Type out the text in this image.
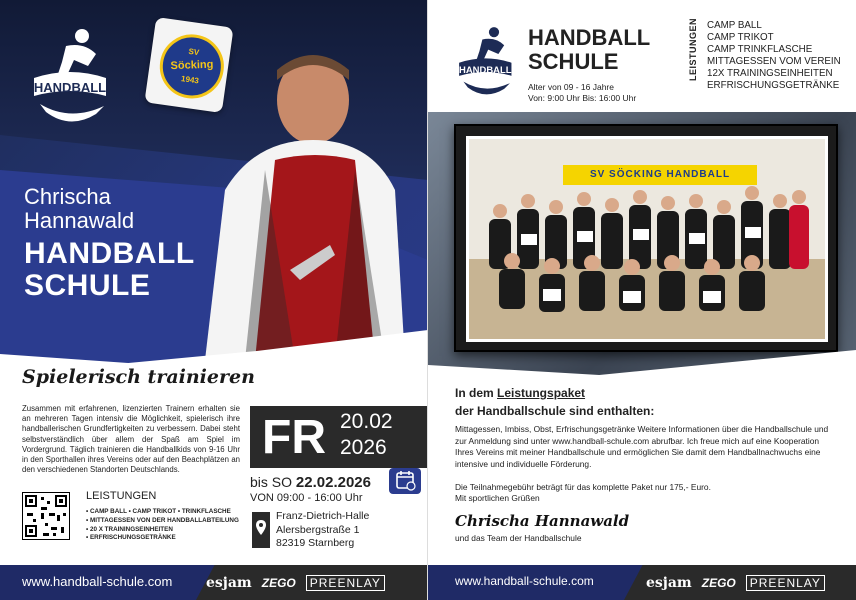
HANDBALL
SV
Söcking
1943
Chrischa
Hannawald
HANDBALL
SCHULE
Spielerisch trainieren
Zusammen mit erfahrenen, lizenzierten Trainern erhalten sie an mehreren Tagen intensiv die Möglichkeit, spielerisch ihre handballerischen Grundfertigkeiten zu verbessern. Dabei steht selbstverständlich über allem der Spaß am Spiel im Vordergrund. Täglich trainieren die Handballkids von 9-16 Uhr in den Sporthallen ihres Vereins oder auf den Beachplätzen an den verschiedenen Standorten Deutschlands.
LEISTUNGEN
• CAMP BALL • CAMP TRIKOT • TRINKFLASCHE
• MITTAGESSEN VON DER HANDBALLABTEILUNG
• 20 X TRAININGSEINHEITEN
• ERFRISCHUNGSGETRÄNKE
FR 20.02
2026
bis SO 22.02.2026
VON 09:00 - 16:00 Uhr
Franz-Dietrich-Halle
Alersbergstraße 1
82319 Starnberg
www.handball-schule.com esjam ZEGO	PREENLAY
HANDBALL
HANDBALL
SCHULE
Alter von 09 - 16 Jahre
Von: 9:00 Uhr Bis: 16:00 Uhr
LEISTUNGEN CAMP BALL
CAMP TRIKOT
CAMP TRINKFLASCHE
MITTAGESSEN VOM VEREIN
12X TRAININGSEINHEITEN
ERFRISCHUNGSGETRÄNKE
SV SÖCKING HANDBALL
In dem Leistungspaket
der Handballschule sind enthalten:
Mittagessen, Imbiss, Obst, Erfrischungsgetränke Weitere Informationen über die Handballschule und zur Anmeldung sind unter www.handball-schule.com abrufbar. Ich freue mich auf eine Kooperation Ihres Vereins mit meiner Handballschule und ermöglichen Sie damit dem Handballnachwuchs eine intensive und individuelle Förderung.
Die Teilnahmegebühr beträgt für das komplette Paket nur 175,- Euro.
Mit sportlichen Grüßen
Chrischa Hannawald
und das Team der Handballschule
www.handball-schule.com	esjam ZEGO	PREENLAY
